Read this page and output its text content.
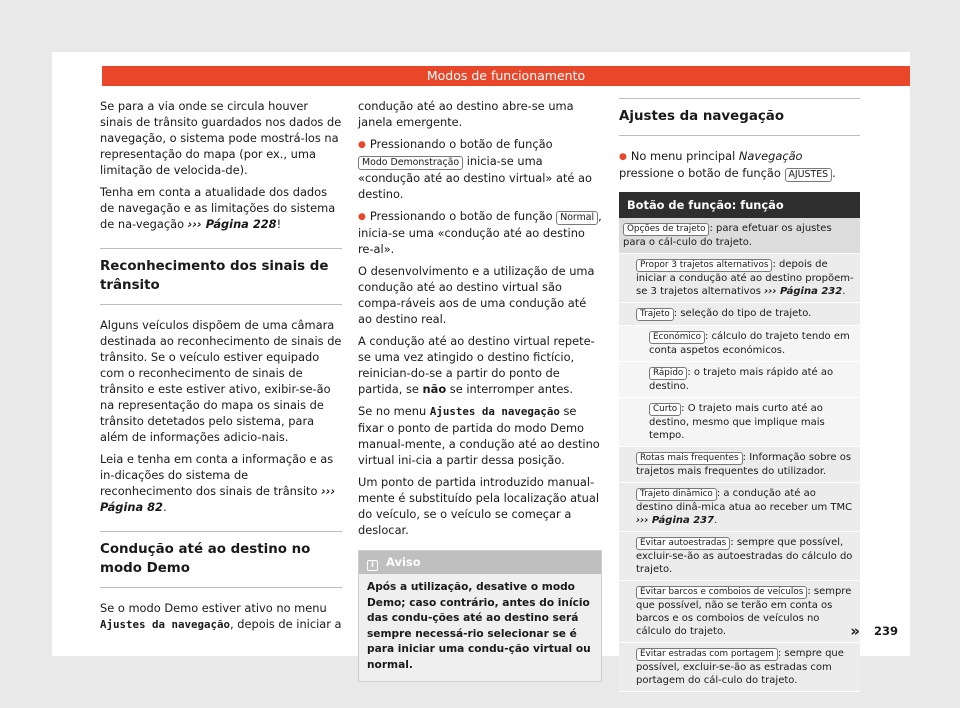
Modos de funcionamento

Se para a via onde se circula houver sinais de trânsito guardados nos dados de navegação, o sistema pode mostrá-los na representação do mapa (por ex., uma limitação de velocida-de).

Tenha em conta a atualidade dos dados de navegação e as limitações do sistema de na-vegação ››› Página 228!

Reconhecimento dos sinais de trânsito

Alguns veículos dispõem de uma câmara destinada ao reconhecimento de sinais de trânsito. Se o veículo estiver equipado com o reconhecimento de sinais de trânsito e este estiver ativo, exibir-se-ão na representação do mapa os sinais de trânsito detetados pelo sistema, para além de informações adicio-nais.

Leia e tenha em conta a informação e as in-dicações do sistema de reconhecimento dos sinais de trânsito ››› Página 82.

Condução até ao destino no modo Demo

Se o modo Demo estiver ativo no menu Ajustes da navegação, depois de iniciar a

condução até ao destino abre-se uma janela emergente.

● Pressionando o botão de função Modo Demonstração inicia-se uma «condução até ao destino virtual» até ao destino.

● Pressionando o botão de função Normal , inicia-se uma «condução até ao destino re-al».

O desenvolvimento e a utilização de uma condução até ao destino virtual são compa-ráveis aos de uma condução até ao destino real.

A condução até ao destino virtual repete-se uma vez atingido o destino fictício, reinician-do-se a partir do ponto de partida, se não se interromper antes.

Se no menu Ajustes da navegação se fixar o ponto de partida do modo Demo manual-mente, a condução até ao destino virtual ini-cia a partir dessa posição.

Um ponto de partida introduzido manual-mente é substituído pela localização atual do veículo, se o veículo se começar a deslocar.

i Aviso
Após a utilização, desative o modo Demo; caso contrário, antes do início das condu-ções até ao destino será sempre necessá-rio selecionar se é para iniciar uma condu-ção virtual ou normal.
Ajustes da navegação

● No menu principal Navegação pressione o botão de função AJUSTES .

Botão de função: função
Opções de trajeto : para efetuar os ajustes para o cál-culo do trajeto.
Propor 3 trajetos alternativos : depois de iniciar a condução até ao destino propõem-se 3 trajetos alternativos ››› Página 232.
Trajeto : seleção do tipo de trajeto.
Económico : cálculo do trajeto tendo em conta aspetos económicos.
Rápido : o trajeto mais rápido até ao destino.
Curto : O trajeto mais curto até ao destino, mesmo que implique mais tempo.
Rotas mais frequentes : Informação sobre os trajetos mais frequentes do utilizador.
Trajeto dinâmico : a condução até ao destino dinâ-mica atua ao receber um TMC ››› Página 237.
Evitar autoestradas : sempre que possível, excluir-se-ão as autoestradas do cálculo do trajeto.
Evitar barcos e comboios de veículos : sempre que possível, não se terão em conta os barcos e os comboios de veículos no cálculo do trajeto.
Evitar estradas com portagem : sempre que possível, excluir-se-ão as estradas com portagem do cál-culo do trajeto.
» 239
